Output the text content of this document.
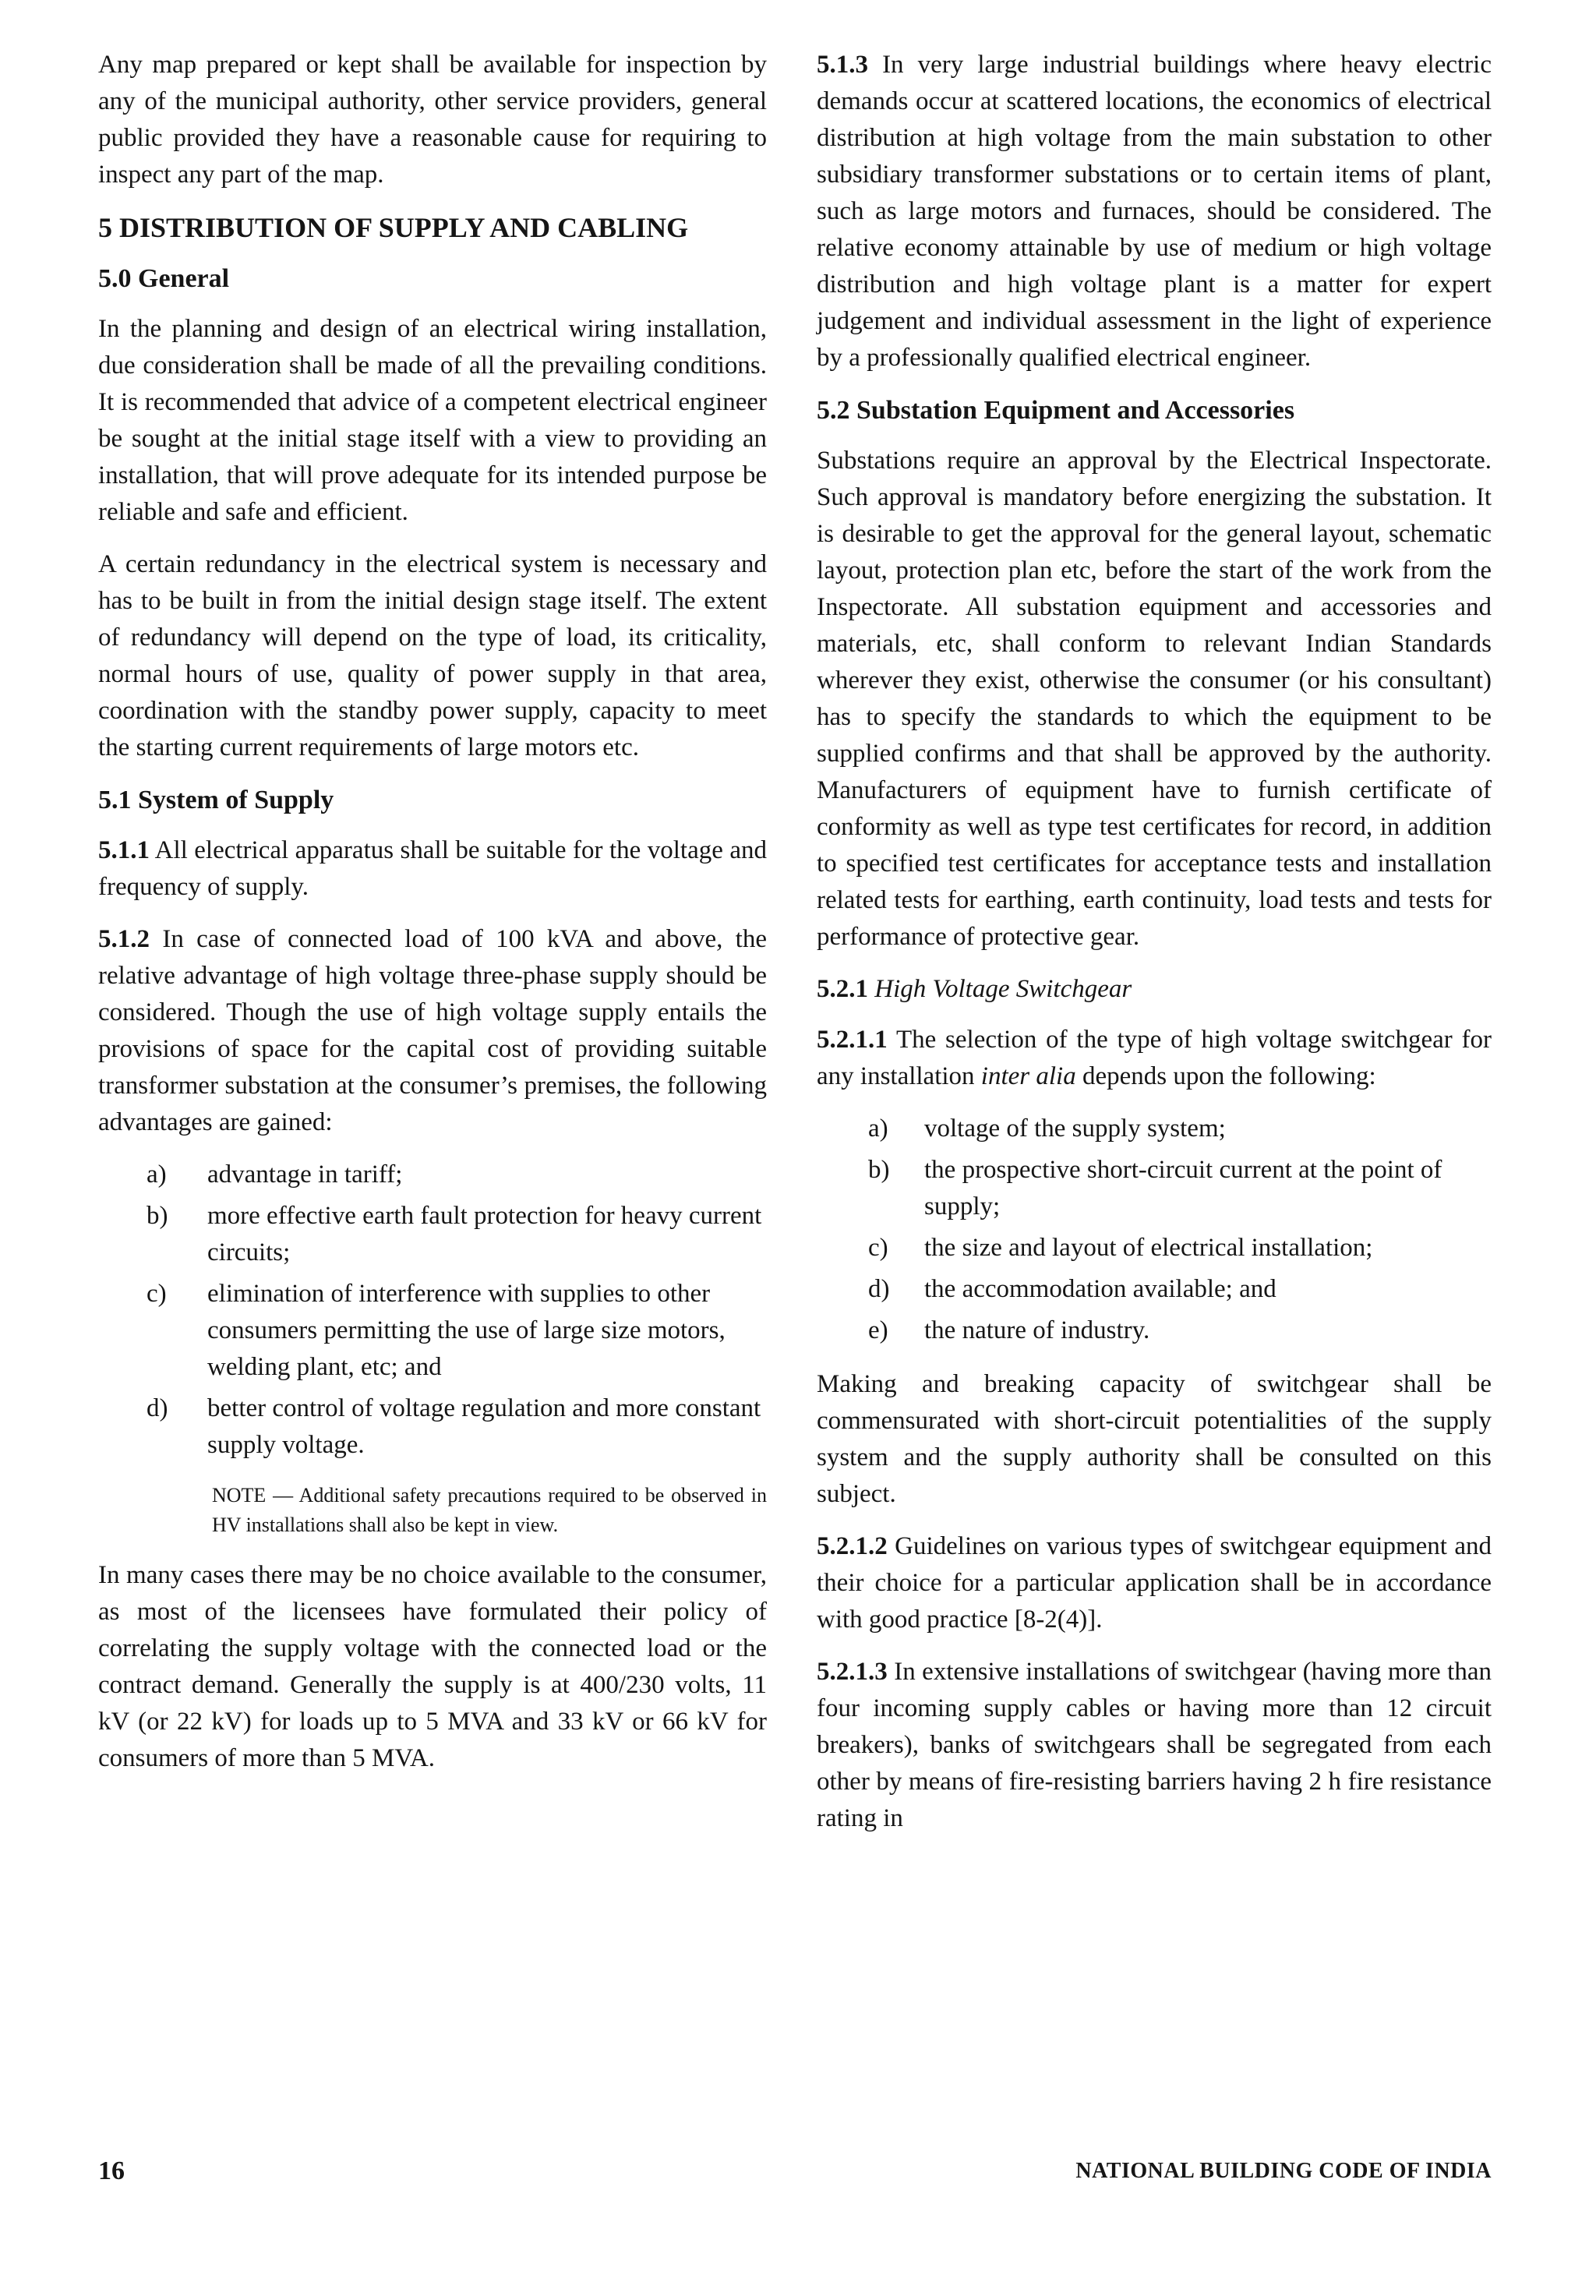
Any map prepared or kept shall be available for inspection by any of the municipal authority, other service providers, general public provided they have a reasonable cause for requiring to inspect any part of the map.

5 DISTRIBUTION OF SUPPLY AND CABLING
5.0 General

In the planning and design of an electrical wiring installation, due consideration shall be made of all the prevailing conditions. It is recommended that advice of a competent electrical engineer be sought at the initial stage itself with a view to providing an installation, that will prove adequate for its intended purpose be reliable and safe and efficient.

A certain redundancy in the electrical system is necessary and has to be built in from the initial design stage itself. The extent of redundancy will depend on the type of load, its criticality, normal hours of use, quality of power supply in that area, coordination with the standby power supply, capacity to meet the starting current requirements of large motors etc.

5.1 System of Supply

5.1.1 All electrical apparatus shall be suitable for the voltage and frequency of supply.

5.1.2 In case of connected load of 100 kVA and above, the relative advantage of high voltage three-phase supply should be considered. Though the use of high voltage supply entails the provisions of space for the capital cost of providing suitable transformer substation at the consumer’s premises, the following advantages are gained:

a) advantage in tariff;
b) more effective earth fault protection for heavy current circuits;
c) elimination of interference with supplies to other consumers permitting the use of large size motors, welding plant, etc; and
d) better control of voltage regulation and more constant supply voltage.

NOTE — Additional safety precautions required to be observed in HV installations shall also be kept in view.

In many cases there may be no choice available to the consumer, as most of the licensees have formulated their policy of correlating the supply voltage with the connected load or the contract demand. Generally the supply is at 400/230 volts, 11 kV (or 22 kV) for loads up to 5 MVA and 33 kV or 66 kV for consumers of more than 5 MVA.

5.1.3 In very large industrial buildings where heavy electric demands occur at scattered locations, the economics of electrical distribution at high voltage from the main substation to other subsidiary transformer substations or to certain items of plant, such as large motors and furnaces, should be considered. The relative economy attainable by use of medium or high voltage distribution and high voltage plant is a matter for expert judgement and individual assessment in the light of experience by a professionally qualified electrical engineer.

5.2 Substation Equipment and Accessories

Substations require an approval by the Electrical Inspectorate. Such approval is mandatory before energizing the substation. It is desirable to get the approval for the general layout, schematic layout, protection plan etc, before the start of the work from the Inspectorate. All substation equipment and accessories and materials, etc, shall conform to relevant Indian Standards wherever they exist, otherwise the consumer (or his consultant) has to specify the standards to which the equipment to be supplied confirms and that shall be approved by the authority. Manufacturers of equipment have to furnish certificate of conformity as well as type test certificates for record, in addition to specified test certificates for acceptance tests and installation related tests for earthing, earth continuity, load tests and tests for performance of protective gear.

5.2.1 High Voltage Switchgear

5.2.1.1 The selection of the type of high voltage switchgear for any installation inter alia depends upon the following:

a) voltage of the supply system;
b) the prospective short-circuit current at the point of supply;
c) the size and layout of electrical installation;
d) the accommodation available; and
e) the nature of industry.

Making and breaking capacity of switchgear shall be commensurated with short-circuit potentialities of the supply system and the supply authority shall be consulted on this subject.

5.2.1.2 Guidelines on various types of switchgear equipment and their choice for a particular application shall be in accordance with good practice [8-2(4)].

5.2.1.3 In extensive installations of switchgear (having more than four incoming supply cables or having more than 12 circuit breakers), banks of switchgears shall be segregated from each other by means of fire-resisting barriers having 2 h fire resistance rating in

16	NATIONAL BUILDING CODE OF INDIA
